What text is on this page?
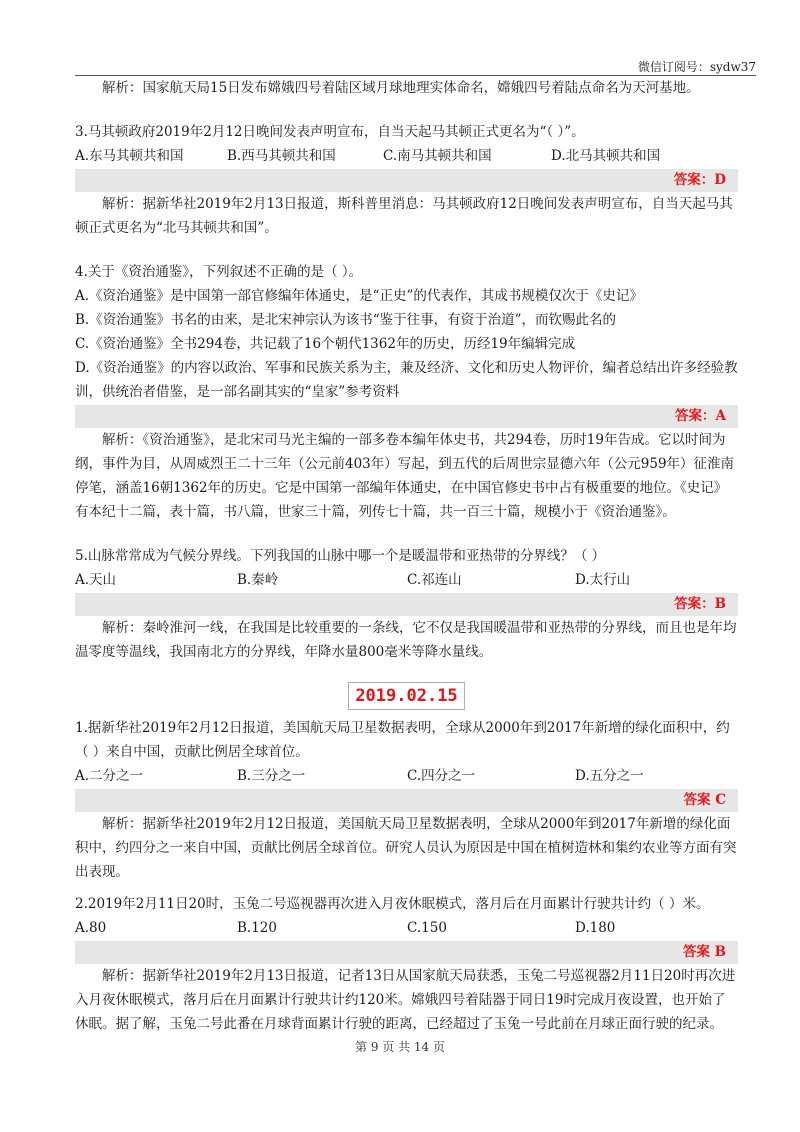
微信订阅号：sydw37

解析：国家航天局15日发布嫦娥四号着陆区域月球地理实体命名，嫦娥四号着陆点命名为天河基地。

3.马其顿政府2019年2月12日晚间发表声明宣布，自当天起马其顿正式更名为“（ ）”。

A.东马其顿共和国	B.西马其顿共和国	C.南马其顿共和国	D.北马其顿共和国
答案：D

解析：据新华社2019年2月13日报道，斯科普里消息：马其顿政府12日晚间发表声明宣布，自当天起马其顿正式更名为“北马其顿共和国”。

4.关于《资治通鉴》，下列叙述不正确的是（ ）。

A.《资治通鉴》是中国第一部官修编年体通史，是“正史”的代表作，其成书规模仅次于《史记》

B.《资治通鉴》书名的由来，是北宋神宗认为该书“鉴于往事，有资于治道”，而钦赐此名的

C.《资治通鉴》全书294卷，共记载了16个朝代1362年的历史，历经19年编辑完成

D.《资治通鉴》的内容以政治、军事和民族关系为主，兼及经济、文化和历史人物评价，编者总结出许多经验教训，供统治者借鉴，是一部名副其实的“皇家”参考资料

答案：A

解析：《资治通鉴》，是北宋司马光主编的一部多卷本编年体史书，共294卷，历时19年告成。它以时间为纲，事件为目，从周威烈王二十三年（公元前403年）写起，到五代的后周世宗显德六年（公元959年）征淮南停笔，涵盖16朝1362年的历史。它是中国第一部编年体通史，在中国官修史书中占有极重要的地位。《史记》有本纪十二篇，表十篇，书八篇，世家三十篇，列传七十篇，共一百三十篇，规模小于《资治通鉴》。

5.山脉常常成为气候分界线。下列我国的山脉中哪一个是暖温带和亚热带的分界线？（ ）

A.天山	B.秦岭	C.祁连山	D.太行山
答案：B

解析：秦岭淮河一线，在我国是比较重要的一条线，它不仅是我国暖温带和亚热带的分界线，而且也是年均温零度等温线，我国南北方的分界线，年降水量800毫米等降水量线。

2019.02.15

1.据新华社2019年2月12日报道，美国航天局卫星数据表明，全球从2000年到2017年新增的绿化面积中，约（ ）来自中国，贡献比例居全球首位。

A.二分之一	B.三分之一	C.四分之一	D.五分之一
答案 C

解析：据新华社2019年2月12日报道，美国航天局卫星数据表明，全球从2000年到2017年新增的绿化面积中，约四分之一来自中国，贡献比例居全球首位。研究人员认为原因是中国在植树造林和集约农业等方面有突出表现。

2.2019年2月11日20时，玉兔二号巡视器再次进入月夜休眠模式，落月后在月面累计行驶共计约（ ）米。

A.80	B.120	C.150	D.180
答案 B

解析：据新华社2019年2月13日报道，记者13日从国家航天局获悉，玉兔二号巡视器2月11日20时再次进入月夜休眠模式，落月后在月面累计行驶共计约120米。嫦娥四号着陆器于同日19时完成月夜设置，也开始了休眠。据了解，玉兔二号此番在月球背面累计行驶的距离，已经超过了玉兔一号此前在月球正面行驶的纪录。

第 9 页 共 14 页
